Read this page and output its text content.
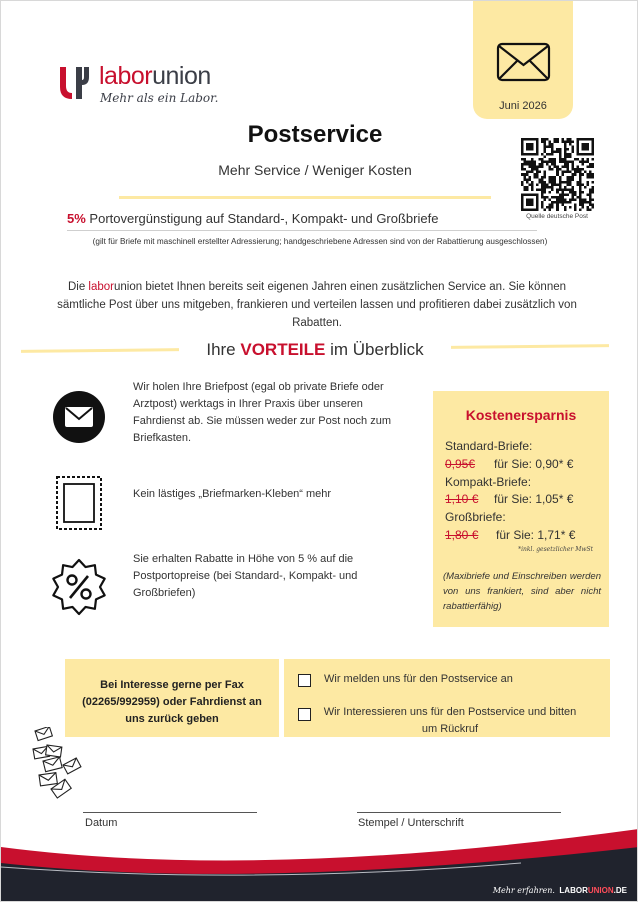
laborunion
Mehr als ein Labor.
Juni 2026
Quelle deutsche Post
Postservice
Mehr Service / Weniger Kosten
5% Portovergünstigung auf Standard-, Kompakt- und Großbriefe
(gilt für Briefe mit maschinell erstellter Adressierung; handgeschriebene Adressen sind von der Rabattierung ausgeschlossen)
Die laborunion bietet Ihnen bereits seit eigenen Jahren einen zusätzlichen Service an. Sie können sämtliche Post über uns mitgeben, frankieren und verteilen lassen und profitieren dabei zusätzlich von Rabatten.
Ihre VORTEILE im Überblick
Wir holen Ihre Briefpost (egal ob private Briefe oder Arztpost) werktags in Ihrer Praxis über unseren Fahrdienst ab. Sie müssen weder zur Post noch zum Briefkasten.
Kein lästiges „Briefmarken-Kleben“ mehr
Sie erhalten Rabatte in Höhe von 5 % auf die Postportopreise (bei Standard-, Kompakt- und Großbriefen)
Kostenersparnis
Standard-Briefe:
0,95€ für Sie: 0,90* €
Kompakt-Briefe:
1,10 € für Sie: 1,05* €
Großbriefe:
1,80 € für Sie: 1,71* €
*inkl. gesetzlicher MwSt
(Maxibriefe und Einschreiben werden von uns frankiert, sind aber nicht rabattierfähig)
Bei Interesse gerne per Fax (02265/992959) oder Fahrdienst an uns zurück geben
Wir melden uns für den Postservice an
Wir Interessieren uns für den Postservice und bitten um Rückruf
Datum	Stempel / Unterschrift
Mehr erfahren. LABORUNION.DE
